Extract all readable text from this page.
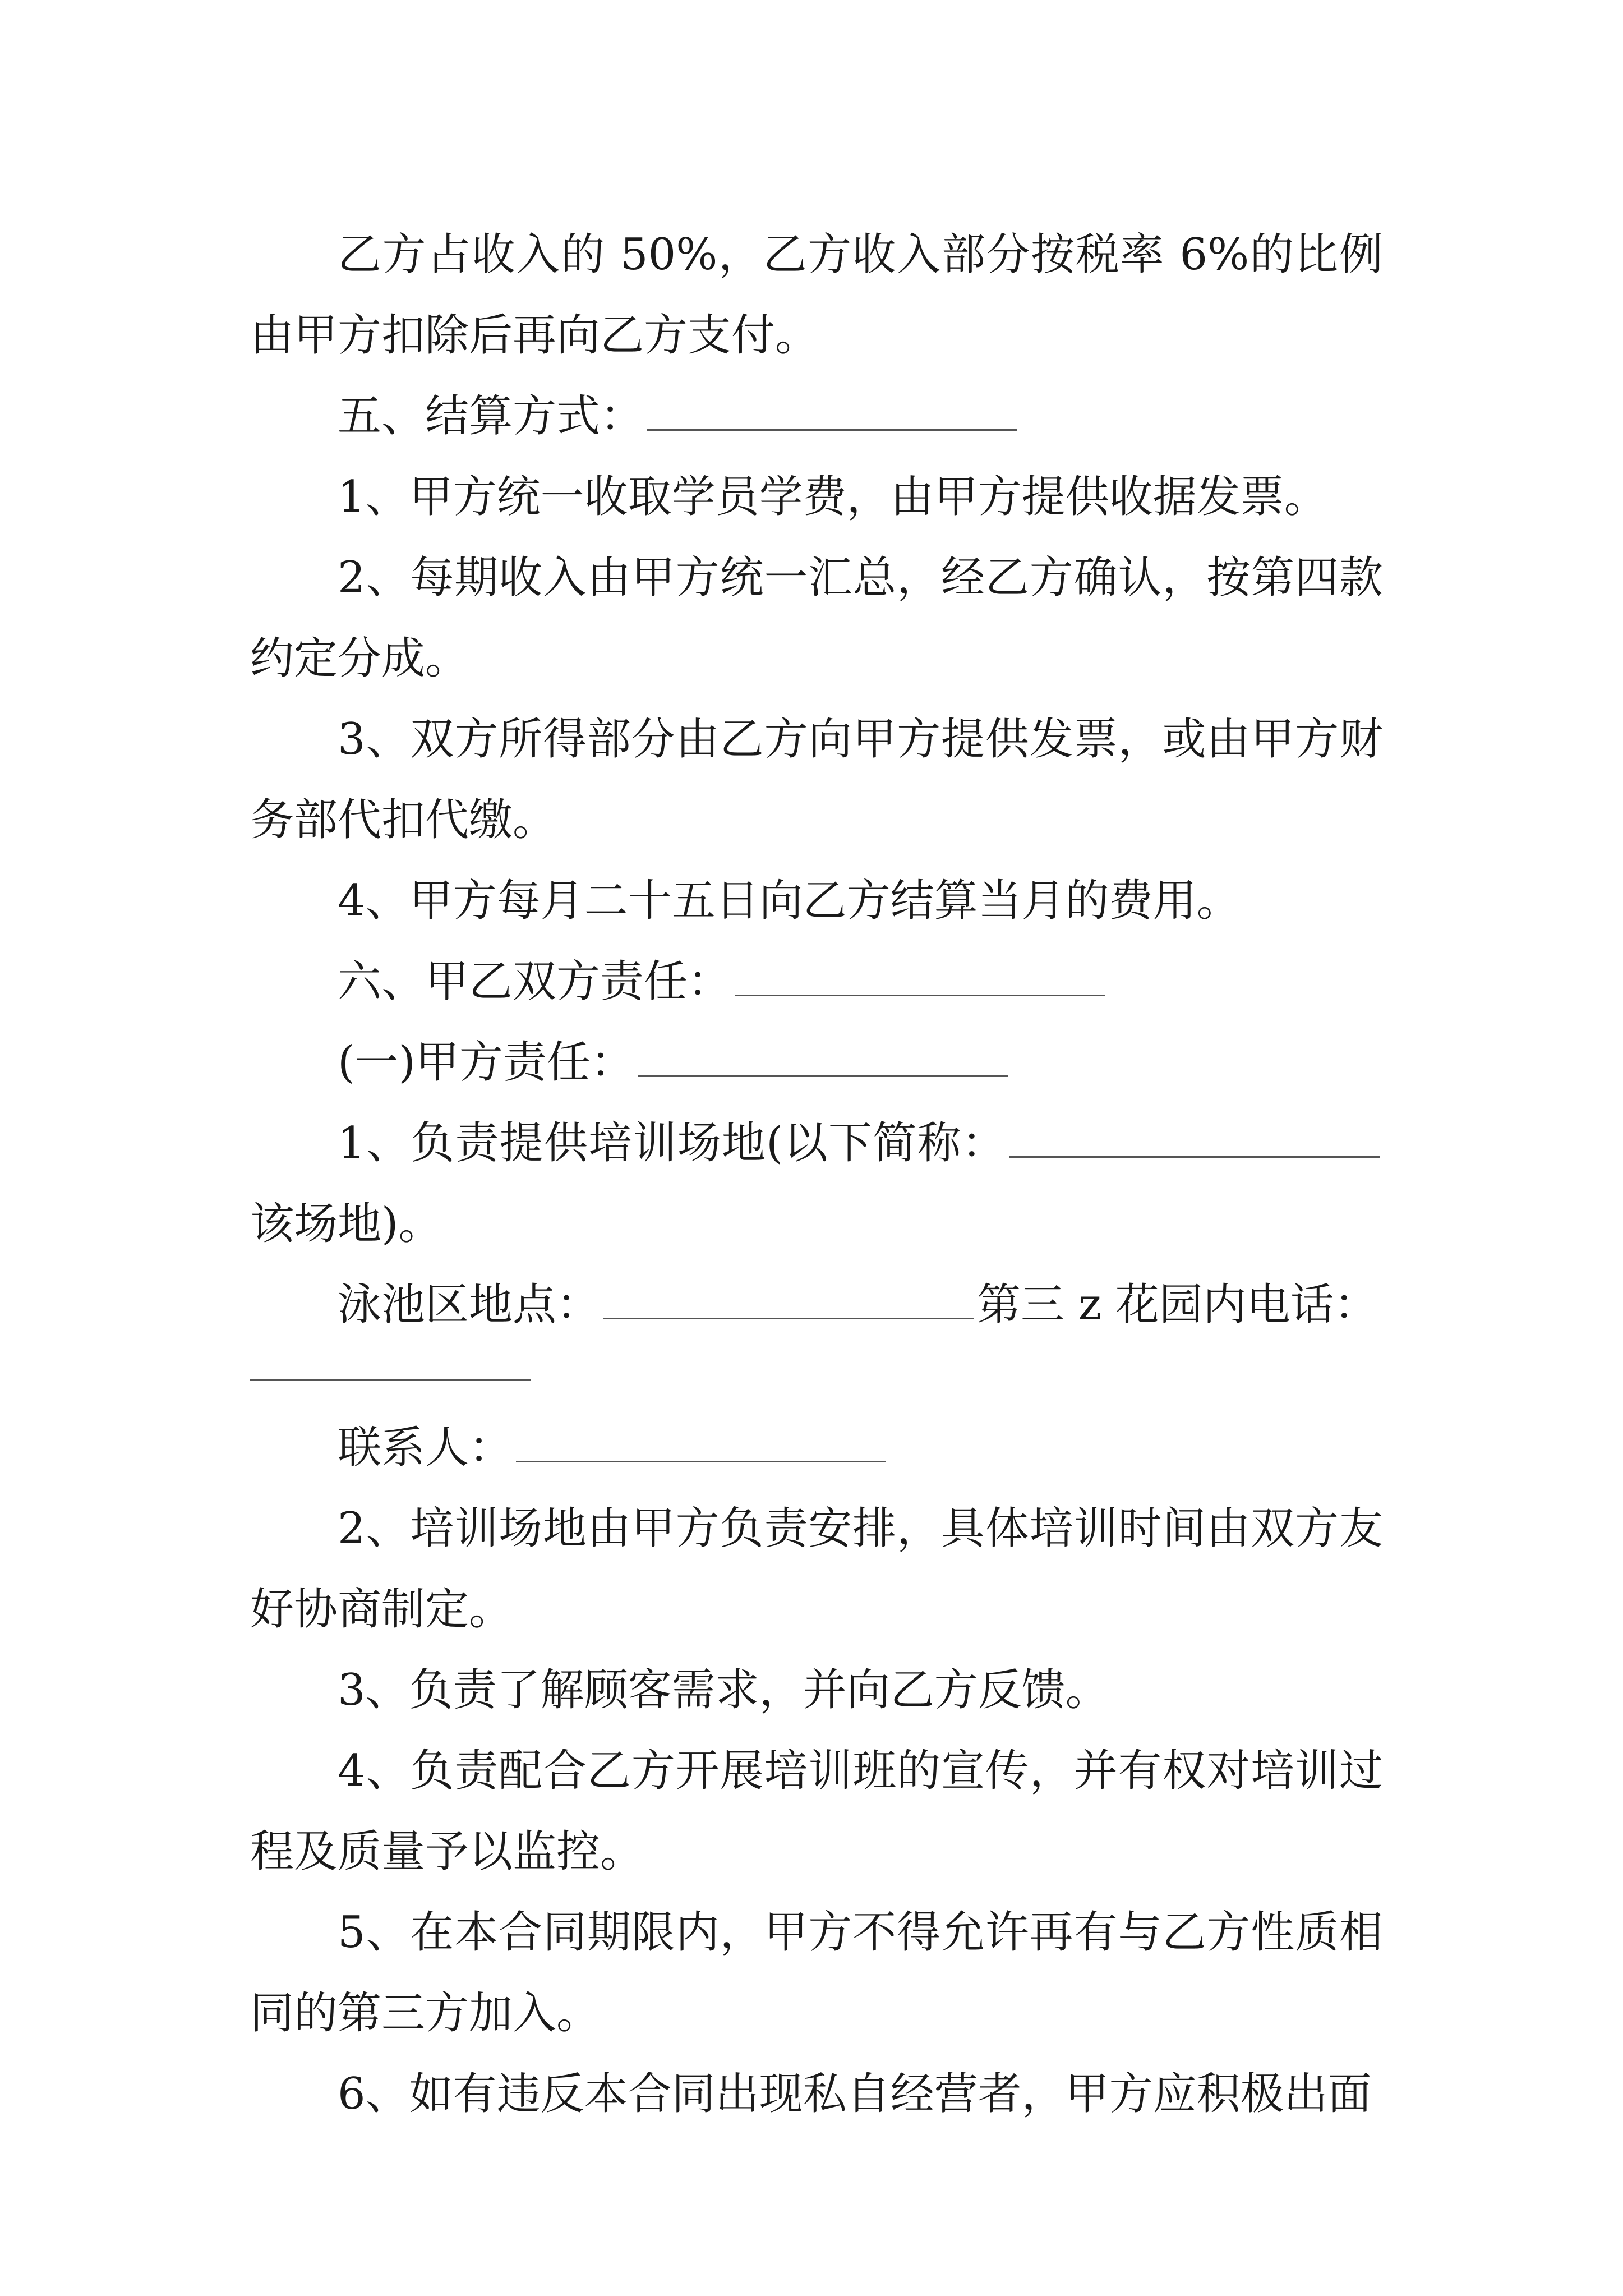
乙方占收入的 50%，乙方收入部分按税率 6%的比例由甲方扣除后再向乙方支付。

五、结算方式：

1、甲方统一收取学员学费，由甲方提供收据发票。

2、每期收入由甲方统一汇总，经乙方确认，按第四款约定分成。

3、双方所得部分由乙方向甲方提供发票，或由甲方财务部代扣代缴。

4、甲方每月二十五日向乙方结算当月的费用。

六、甲乙双方责任：

(一)甲方责任：

1、负责提供培训场地(以下简称：该场地)。

泳池区地点：	第三 z 花园内电话：

联系人：

2、培训场地由甲方负责安排，具体培训时间由双方友好协商制定。

3、负责了解顾客需求，并向乙方反馈。

4、负责配合乙方开展培训班的宣传，并有权对培训过程及质量予以监控。

5、在本合同期限内，甲方不得允许再有与乙方性质相同的第三方加入。

6、如有违反本合同出现私自经营者，甲方应积极出面
